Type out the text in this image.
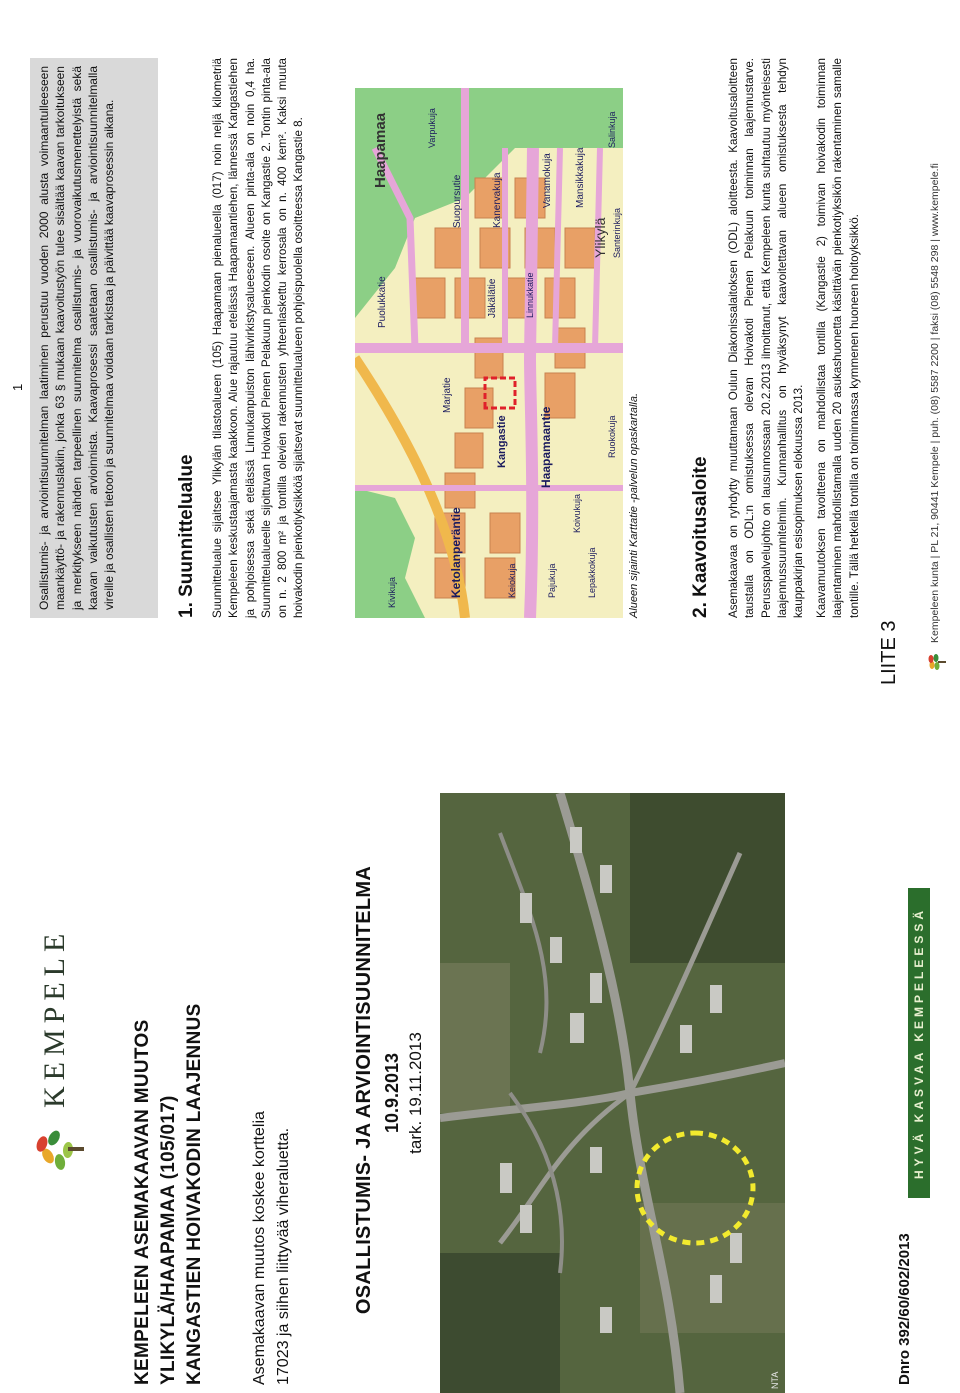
KEMPELE
KEMPELEEN ASEMAKAAVAN MUUTOS YLIKYLÄ/HAAPAMAA (105/017) KANGASTIEN HOIVAKODIN LAAJENNUS	Asemakaavan muutos koskee korttelia 17023 ja siihen liittyvää viheraluetta.	OSALLISTUMIS- JA ARVIOINTISUUNNITELMA 10.9.2013 tark. 19.11.2013
NTA
HYVÄ KASVAA KEMPELEESSÄ
Dnro 392/60/602/2013
1	Osallistumis- ja arviointisuunnitelman laatiminen perustuu vuoden 2000 alusta voimaantulleeseen maankäyttö- ja rakennuslakiin, jonka 63 § mukaan kaavoitustyön tulee sisältää kaavan tarkoitukseen ja merkitykseen nähden tarpeellinen suunnitelma osallistumis- ja vuorovaikutusmenettelyistä sekä kaavan vaikutusten arvioinnista. Kaavaprosessi saatetaan osallistumis- ja arviointisuunnitelmalla vireille ja osallisten tietoon ja suunnitelmaa voidaan tarkistaa ja päivittää kaavaprosessin aikana.	1. Suunnittelualue Suunnittelualue sijaitsee Ylikylän tilastoalueen (105) Haapamaan pienalueella (017) noin neljä kilometriä Kempeleen keskustaajamasta kaakkoon. Alue rajautuu etelässä Haapamaantiehen, lännessä Kangastiehen ja pohjoisessa sekä etelässä Linnukanpuiston lähivirkistysalueeseen. Alueen pinta-ala on noin 0,4 ha. Suunnittelualueelle sijoittuvan Hoivakoti Pienen Pelakuun pienkodin osoite on Kangastie 2. Tontin pinta-ala on n. 2 800 m² ja tontilla olevien rakennusten yhteenlaskettu kerrosala on n. 400 kem². Kaksi muuta hoivakodin pienkotiyksikköä sijaitsevat suunnittelualueen pohjoispuolella osoitteessa Kangastie 8.	Haapamaa
Ylikylä
Haapamaantie
Ketolanperäntie
Kangastie
Marjatie
Suopursutie	Kanervakuja
Puolukkatie
Vanamokuja Mansikkakuja
Santerinkuja
Salinkuja
Jäkälätie	Linnukkatie
Lepakkokuja
Koivukuja
Pajukuja
Keiokuja
Varpukuja
Kivikuja
Ruokokuja Alueen sijainti Karttatie -palvelun opaskartalla.	2. Kaavoitusaloite Asemakaavaa on ryhdytty muuttamaan Oulun Diakonissalaitoksen (ODL) aloitteesta. Kaavoitusaloitteen taustalla on ODL:n omistuksessa olevan Hoivakoti Pienen Pelakuun toiminnan laajennustarve. Perusspalvelujohto on lausunnossaan 20.2.2013 ilmoittanut, että Kempeleen kunta suhtautuu myönteisesti laajennussuunnitelmiin. Kunnanhallitus on hyväksynyt kaavoitettavan alueen omistuksesta tehdyn kauppakirjan esisopimuksen elokuussa 2013. Kaavamuutoksen tavoitteena on mahdollistaa tontilla (Kangastie 2) toimivan hoivakodin toiminnan laajentaminen mahdollistamalla uuden 20 asukashuonetta käsittävän pienkotiyksikön rakentaminen samalle tontille. Tällä hetkellä tontilla on toiminnassa kymmenen huoneen hoitoyksikkö.	Kempeleen kunta | PL 21, 90441 Kempele | puh. (08) 5587 2200 | faksi (08) 5548 298 | www.kempele.fi
LIITE 3
